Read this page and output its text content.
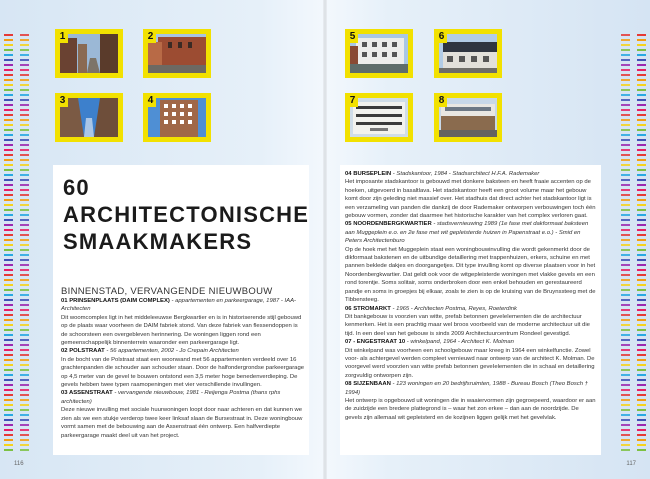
1	2
3	4
5	6
7	8
60
ARCHITECTONISCHE
SMAAKMAKERS
BINNENSTAD, VERVANGENDE NIEUWBOUW

01 PRINSENPLAATS (DAIM COMPLEX) - appartementen en parkeergarage, 1987 - IAA-Architecten
Dit woomcomplex ligt in het middeleeuwse Bergkwartier en is in historiserende stijl gebouwd op de plaats waar voorheen de DAIM fabriek stond. Van deze fabriek van flessendoppen is de schoorsteen een overgebleven herinnering. De woningen liggen rond een gemeenschappelijk binnenterrein waaronder een parkeergarage ligt.

02 POLSTRAAT - 56 appartementen, 2002 - Jo Crepain Architecten
In de bocht van de Polstraat staat een woonwand met 56 appartementen verdeeld over 16 grachtenpanden die schouder aan schouder staan. Door de halfondergrondse parkeergarage op 4,5 meter van de gevel te bouwen ontstond een 3,5 meter hoge benedenverdieping. De gevels hebben twee typen raamopeningen met vier verschillende invullingen.

03 ASSENSTRAAT - vervangende nieuwbouw, 1981 - Reijenga Postma (thans rphs architecten)
Deze nieuwe invulling met sociale huurwoningen loopt door naar achteren en dat kunnen we zien als we een stukje verderop twee keer linksaf slaan de Bursestraat in. Deze woningbouw vormt samen met de bebouwing aan de Assenstraat één ontwerp. Een halfverdiepte parkeergarage maakt deel uit van het project.

04 BURSEPLEIN - Stadskantoor, 1984 - Stadsarchitect H.F.A. Rademaker
Het imposante stadskantoor is gebouwd met donkere baksteen en heeft fraaie accenten op de hoeken, uitgevoerd in basaltlava. Het stadskantoor heeft een groot volume maar het gebouw komt door zijn geleding niet massief over. Het stadhuis dat direct achter het stadskantoor ligt is een verzameling van panden die dankzij de door Rademaker ontworpen verbouwingen toch één gebouw vormen, zonder dat daarmee het historische karakter van het complex verloren gaat.

05 NOORDENBERGKWARTIER - stadsvernieuwing 1989 (1e fase met dakformaat baksteen aan Muggeplein e.o. en 2e fase met wit gepleisterde huizen in Papenstraat e.o.) - Smid en Peters Architectenburo
Op de hoek met het Muggeplein staat een woningbouwinvulling die wordt gekenmerkt door de dikformaat bakstenen en de uitbundige detaillering met trappenhuizen, erkers, schuine en met pannen beklede dakjes en doorgangetjes. Dit type invulling komt op diverse plaatsen voor in het Noordenbergkwartier. Dat geldt ook voor de witgepleisterde woningen met vlakke gevels en een rond torentje. Soms solitair, soms onderbroken door een enkel behouden en gerestaureerd pandje en soms in groepjes bij elkaar, zoals te zien is op de kruising van de Bruynssteeg met de Tibbensteeg.

06 STROMARKT - 1965 - Architecten Postma, Reyes, Roeterdink
Dit bankgebouw is voorzien van witte, prefab betonnen geveleIementen die de architectuur kenmerken. Het is een prachtig maar wel broos voorbeeld van de moderne architectuur uit die tijd. In een deel van het gebouw is sinds 2009 Architectuurcentrum Rondeel gevestigd.

07 - ENGESTRAAT 10 - winkelpand, 1964 - Architect K. Molman
Dit winkelpand was voorheen een schoolgebouw maar kreeg in 1964 een winkelfunctie. Zowel voor- als achtergevel werden compleet vernieuwd naar ontwerp van de architect K. Molman. De voorgevel werd voorzien van witte prefab betonnen geveIelementen die in schaal en detaillering zorgvuldig ontworpen zijn.

08 SIJZENBAAN - 123 woningen en 20 bedrijfsruimten, 1988 - Bureau Bosch (Theo Bosch † 1994)
Het ontwerp is opgebouwd uit woningen die in waaiervormen zijn gegroepeerd, waardoor er aan de zuidzijde een bredere plattegrond is – waar het zon erkee – dan aan de noordzijde. De gevels zijn allemaal wit gepleisterd en de kozijnen liggen gelijk met het gevelvlak.

116	117
